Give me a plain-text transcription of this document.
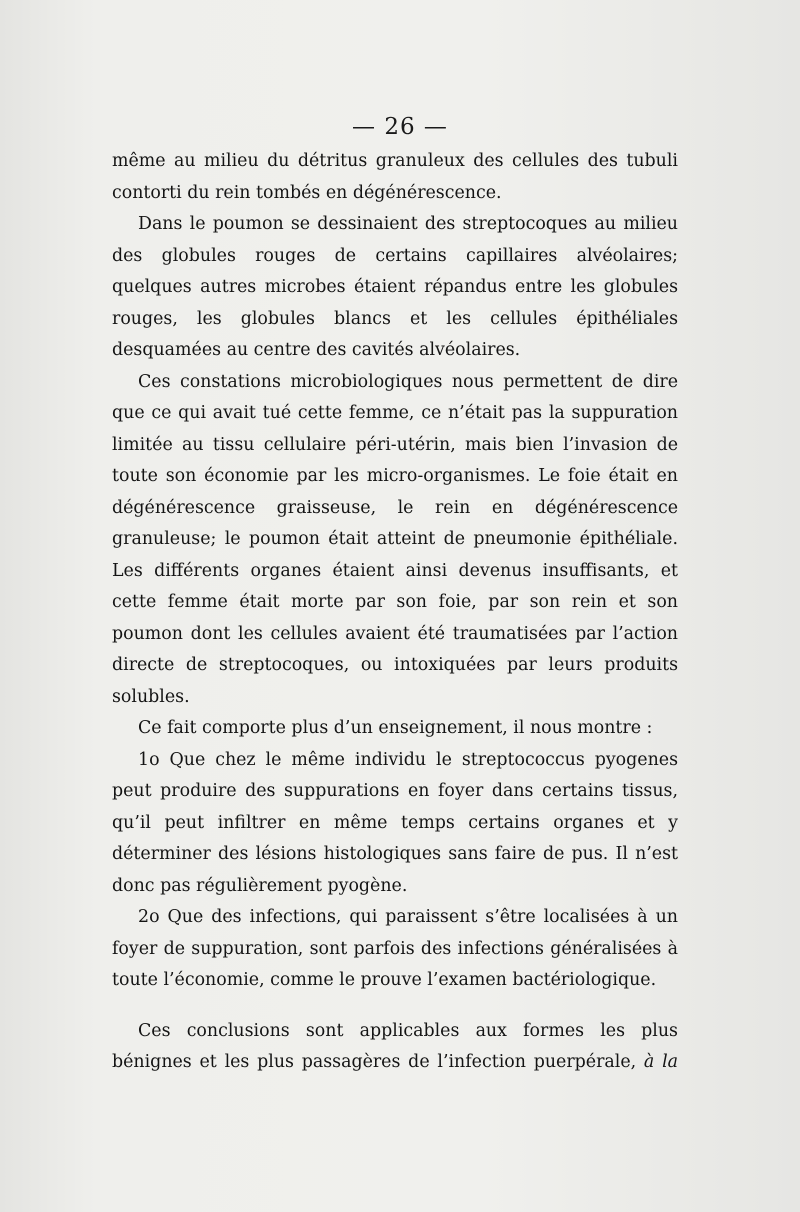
— 26 —

même au milieu du détritus granuleux des cellules des tubuli contorti du rein tombés en dégénérescence.

Dans le poumon se dessinaient des streptocoques au milieu des globules rouges de certains capillaires alvéolaires; quelques autres microbes étaient répandus entre les globules rouges, les globules blancs et les cellules épithéliales desquamées au centre des cavités alvéolaires.

Ces constations microbiologiques nous permettent de dire que ce qui avait tué cette femme, ce n’était pas la suppuration limitée au tissu cellulaire péri-utérin, mais bien l’invasion de toute son économie par les micro-organismes. Le foie était en dégénérescence graisseuse, le rein en dégénérescence granuleuse; le poumon était atteint de pneumonie épithéliale. Les différents organes étaient ainsi devenus insuffisants, et cette femme était morte par son foie, par son rein et son poumon dont les cellules avaient été traumatisées par l’action directe de streptocoques, ou intoxiquées par leurs produits solubles.

Ce fait comporte plus d’un enseignement, il nous montre :

1o Que chez le même individu le streptococcus pyogenes peut produire des suppurations en foyer dans certains tissus, qu’il peut infiltrer en même temps certains organes et y déterminer des lésions histologiques sans faire de pus. Il n’est donc pas régulièrement pyogène.

2o Que des infections, qui paraissent s’être localisées à un foyer de suppuration, sont parfois des infections généralisées à toute l’économie, comme le prouve l’examen bactériologique.

Ces conclusions sont applicables aux formes les plus bénignes et les plus passagères de l’infection puerpérale, à la
